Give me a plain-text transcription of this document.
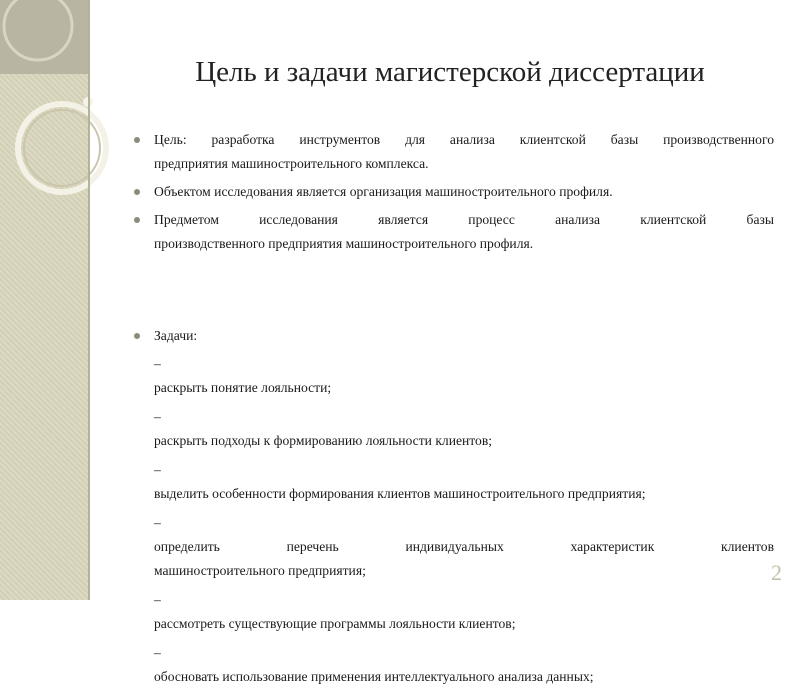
Цель и задачи магистерской диссертации
Цель: разработка инструментов для анализа клиентской базы производственного
предприятия машиностроительного комплекса.
Объектом исследования является организация машиностроительного профиля.
Предметом исследования является процесс анализа клиентской базы
производственного предприятия машиностроительного профиля.
Задачи:
–
раскрыть понятие лояльности;
–
раскрыть подходы к формированию лояльности клиентов;
–
выделить особенности формирования клиентов машиностроительного предприятия;
–
определить перечень индивидуальных характеристик клиентов
машиностроительного предприятия;
–
рассмотреть существующие программы лояльности клиентов;
–
обосновать использование применения интеллектуального анализа данных;
2
